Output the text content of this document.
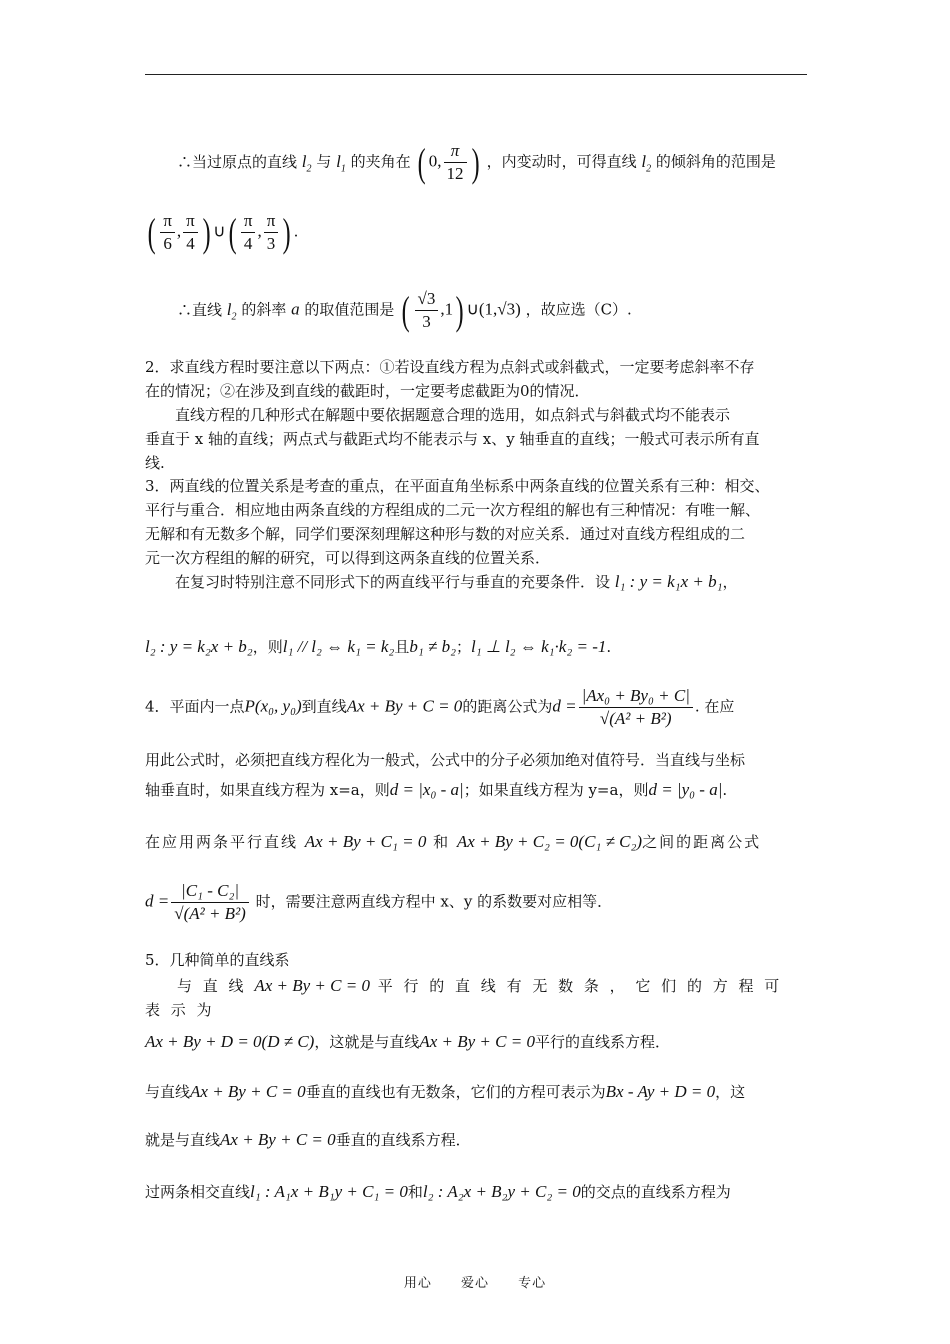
∴当过原点的直线 $l_2$ 与 $l_1$ 的夹角在 ( 0, $\frac{\pi}{12}$ ) ，内变动时，可得直线 $l_2$ 的倾斜角的范围是
( $\frac{\pi}{6}$ , $\frac{\pi}{4}$ ) ∪( $\frac{\pi}{4}$ , $\frac{\pi}{3}$ ) .
∴直线 $l_2$ 的斜率 a 的取值范围是 ( $\frac{√3}{3} ,1$) ∪(1,√3) ，故应选（C）.
2．求直线方程时要注意以下两点：①若设直线方程为点斜式或斜截式，一定要考虑斜率不存
在的情况；②在涉及到直线的截距时，一定要考虑截距为0的情况．
直线方程的几种形式在解题中要依据题意合理的选用，如点斜式与斜截式均不能表示
垂直于 x 轴的直线；两点式与截距式均不能表示与 x、y 轴垂直的直线；一般式可表示所有直
线.
3．两直线的位置关系是考查的重点，在平面直角坐标系中两条直线的位置关系有三种：相交、
平行与重合．相应地由两条直线的方程组成的二元一次方程组的解也有三种情况：有唯一解、
无解和有无数多个解，同学们要深刻理解这种形与数的对应关系．通过对直线方程组成的二
元一次方程组的解的研究，可以得到这两条直线的位置关系．
在复习时特别注意不同形式下的两直线平行与垂直的充要条件．设 l₁ : y = k₁x + b₁，
l₂ : y = k₂x + b₂，则l₁ // l₂ ⇔ k₁ = k₂且b₁ ≠ b₂；l₁ ⊥ l₂ ⇔ k₁·k₂ = -1.
4．平面内一点P(x₀, y₀)到直线Ax + By + C = 0的距离公式为$d = \frac{\text{|Ax₀ + By₀ + C|}}{\text{√(A² + B²)}}$ . 在应
用此公式时，必须把直线方程化为一般式，公式中的分子必须加绝对值符号．当直线与坐标
轴垂直时，如果直线方程为 x=a，则d = |x₀ - a|；如果直线方程为 y=a，则d = |y₀ - a|.
在应用两条平行直线 Ax + By + C₁ = 0 和 Ax + By + C₂ = 0(C₁ ≠ C₂)之间的距离公式
$d = \frac{\text{|C₁ - C₂|}}{\text{√(A² + B²)}}$ 时，需要注意两直线方程中 x、y 的系数要对应相等．
5．几种简单的直线系
与 直 线 Ax + By + C = 0 平 行 的 直 线 有 无 数 条 ， 它 们 的 方 程 可 表 示 为
Ax + By + D = 0(D ≠ C)，这就是与直线Ax + By + C = 0平行的直线系方程．
与直线Ax + By + C = 0垂直的直线也有无数条，它们的方程可表示为Bx - Ay + D = 0，这
就是与直线Ax + By + C = 0垂直的直线系方程．
过两条相交直线l₁ : A₁x + B₁y + C₁ = 0和l₂ : A₂x + B₂y + C₂ = 0的交点的直线系方程为
用心 爱心 专心
